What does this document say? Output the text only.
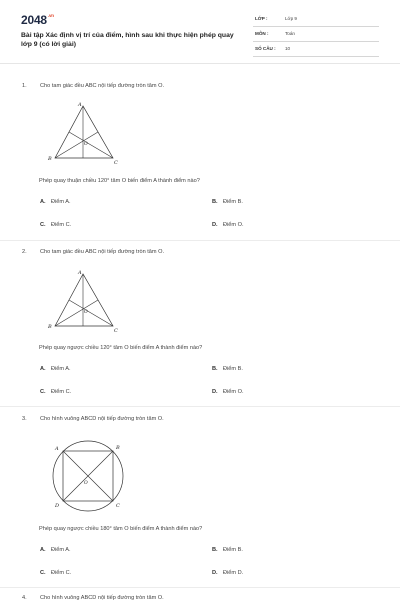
$2048^{.vn}$
Bài tập Xác định vị trí của điểm, hình sau khi thực hiện phép quay lớp 9 (có lời giải)
LỚP :	Lớp 9
MÔN :	Toán
SỐ CÂU : 10
1. Cho tam giác đều ABC nội tiếp đường tròn tâm O.
A
B
C
O
Phép quay thuận chiều 120° tâm O biến điểm A thành điểm nào?
A. Điểm A.	B. Điểm B.
C. Điểm C.	D. Điểm O.
2. Cho tam giác đều ABC nội tiếp đường tròn tâm O.
A
B
C
O
Phép quay ngược chiều 120° tâm O biến điểm A thành điểm nào?
A. Điểm A.	B. Điểm B.
C. Điểm C.	D. Điểm O.
3. Cho hình vuông ABCD nội tiếp đường tròn tâm O.
A	B
C
D
O
Phép quay ngược chiều 180° tâm O biến điểm A thành điểm nào?
A. Điểm A.	B. Điểm B.
C. Điểm C.	D. Điểm D.
4. Cho hình vuông ABCD nội tiếp đường tròn tâm O.
